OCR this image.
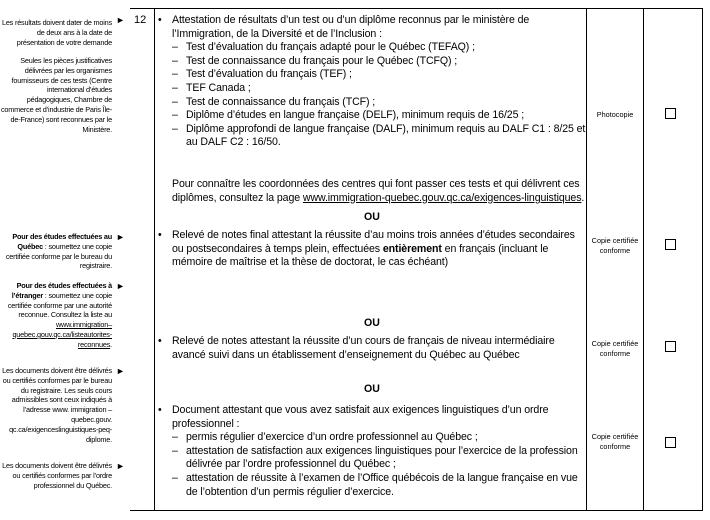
Les résultats doivent dater de moins de deux ans à la date de présentation de votre demande
Seules les pièces justificatives délivrées par les organismes fournisseurs de ces tests (Centre international d’études pédagogiques, Chambre de commerce et d’industrie de Paris Île-de-France) sont reconnues par le Ministère.
Pour des études effectuées au Québec : soumettez une copie certifiée conforme par le bureau du registraire.
Pour des études effectuées à l’étranger : soumettez une copie certifiée conforme par une autorité reconnue. Consultez la liste au www.immigration–quebec.gouv.qc.ca/listeautorites-reconnues.
Les documents doivent être délivrés ou certifiés conformes par le bureau du registraire. Les seuls cours admissibles sont ceux indiqués à l’adresse www. immigration – quebec.gouv. qc.ca/exigenceslinguistiques-peq-diplome.
Les documents doivent être délivrés ou certifiés conformes par l’ordre professionnel du Québec.
►
►
►
►
►
12 • Attestation de résultats d’un test ou d’un diplôme reconnus par le ministère de l’Immigration, de la Diversité et de l’Inclusion :
– Test d’évaluation du français adapté pour le Québec (TEFAQ) ;
– Test de connaissance du français pour le Québec (TCFQ) ;
– Test d’évaluation du français (TEF) ;
– TEF Canada ;
– Test de connaissance du français (TCF) ;
– Diplôme d’études en langue française (DELF), minimum requis de 16/25 ;
– Diplôme approfondi de langue française (DALF), minimum requis au DALF C1 : 8/25 et au DALF C2 : 16/50.
Pour connaître les coordonnées des centres qui font passer ces tests et qui délivrent ces diplômes, consultez la page www.immigration-quebec.gouv.qc.ca/exigences-linguistiques.
OU
• Relevé de notes final attestant la réussite d’au moins trois années d’études secondaires ou postsecondaires à temps plein, effectuées entièrement en français (incluant le mémoire de maîtrise et la thèse de doctorat, le cas échéant)
OU
• Relevé de notes attestant la réussite d’un cours de français de niveau intermédiaire avancé suivi dans un établissement d’enseignement du Québec au Québec
OU
• Document attestant que vous avez satisfait aux exigences linguistiques d’un ordre professionnel :
– permis régulier d’exercice d’un ordre professionnel au Québec ;
– attestation de satisfaction aux exigences linguistiques pour l’exercice de la profession délivrée par l’ordre professionnel du Québec ;
– attestation de réussite à l’examen de l’Office québécois de la langue française en vue de l’obtention d’un permis régulier d’exercice.
Photocopie
Copie certifiée conforme
Copie certifiée conforme
Copie certifiée conforme
